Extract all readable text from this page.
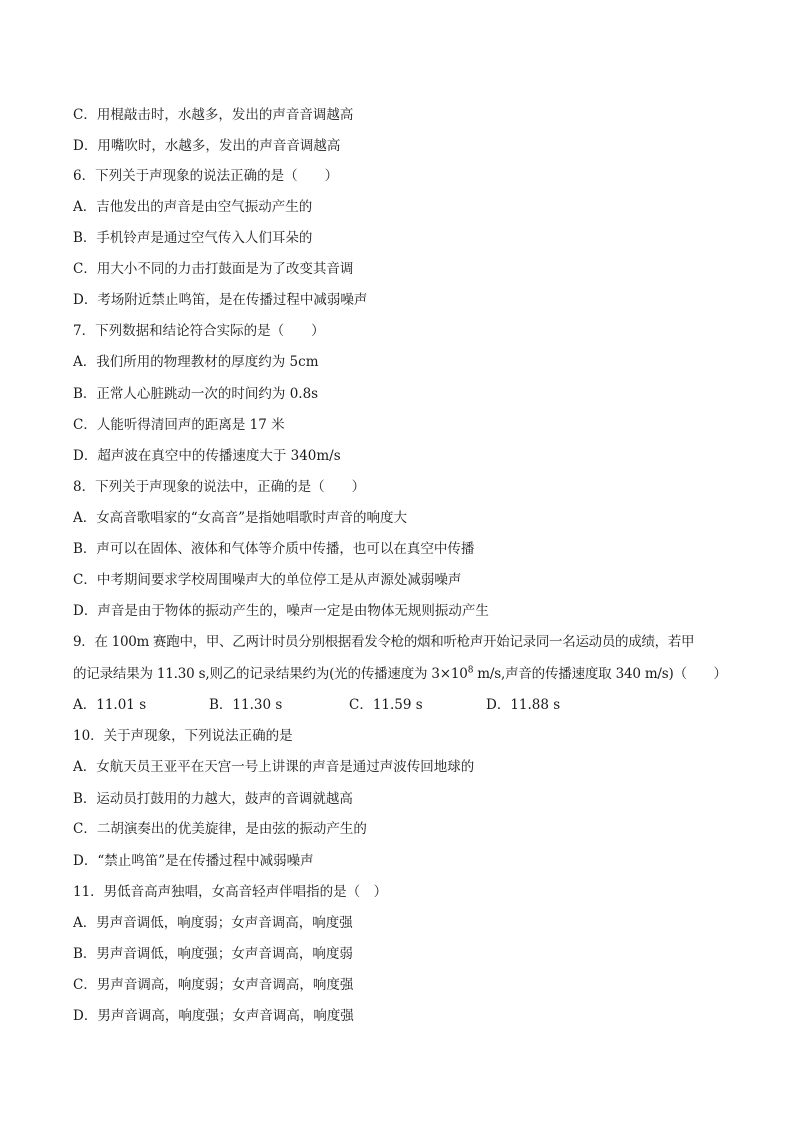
C．用棍敲击时，水越多，发出的声音音调越高
D．用嘴吹时，水越多，发出的声音音调越高
6．下列关于声现象的说法正确的是（　　）
A．吉他发出的声音是由空气振动产生的
B．手机铃声是通过空气传入人们耳朵的
C．用大小不同的力击打鼓面是为了改变其音调
D．考场附近禁止鸣笛，是在传播过程中减弱噪声
7．下列数据和结论符合实际的是（　　）
A．我们所用的物理教材的厚度约为 5cm
B．正常人心脏跳动一次的时间约为 0.8s
C．人能听得清回声的距离是 17 米
D．超声波在真空中的传播速度大于 340m/s
8．下列关于声现象的说法中，正确的是（　　）
A．女高音歌唱家的“女高音”是指她唱歌时声音的响度大
B．声可以在固体、液体和气体等介质中传播，也可以在真空中传播
C．中考期间要求学校周围噪声大的单位停工是从声源处减弱噪声
D．声音是由于物体的振动产生的，噪声一定是由物体无规则振动产生
9．在 100m 赛跑中，甲、乙两计时员分别根据看发令枪的烟和听枪声开始记录同一名运动员的成绩，若甲
的记录结果为 11.30 s,则乙的记录结果约为(光的传播速度为 $3\times 10^8$ m/s,声音的传播速度取 340 m/s)（　　）
A．11.01 s	B．11.30 s	C．11.59 s	D．11.88 s
10．关于声现象，下列说法正确的是
A．女航天员王亚平在天宫一号上讲课的声音是通过声波传回地球的
B．运动员打鼓用的力越大，鼓声的音调就越高
C．二胡演奏出的优美旋律，是由弦的振动产生的
D．“禁止鸣笛”是在传播过程中减弱噪声
11．男低音高声独唱，女高音轻声伴唱指的是（　）
A．男声音调低，响度弱；女声音调高，响度强
B．男声音调低，响度强；女声音调高，响度弱
C．男声音调高，响度弱；女声音调高，响度强
D．男声音调高，响度强；女声音调高，响度强
